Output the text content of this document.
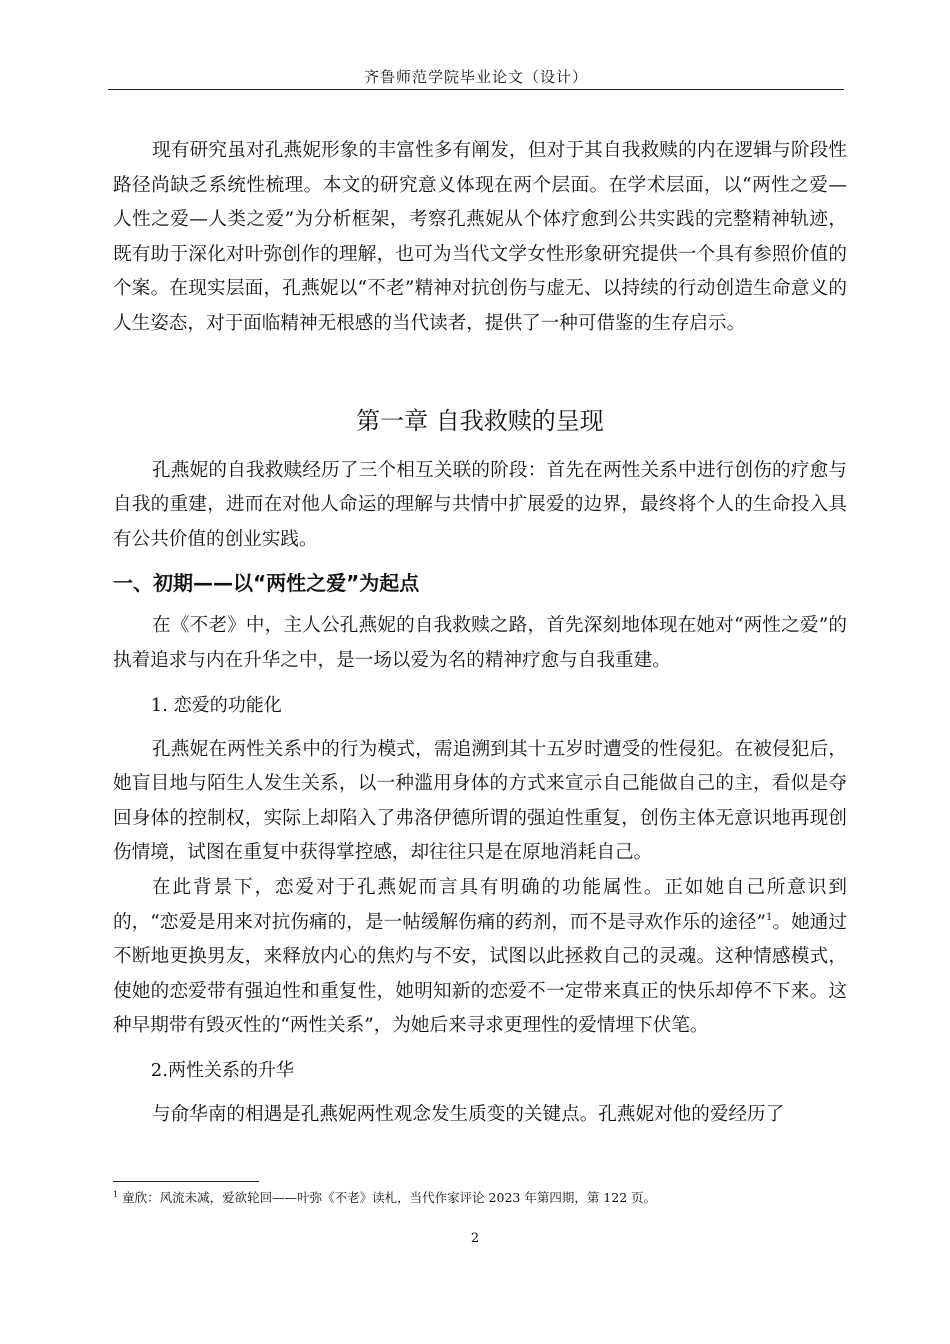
齐鲁师范学院毕业论文（设计）

现有研究虽对孔燕妮形象的丰富性多有阐发，但对于其自我救赎的内在逻辑与阶段性路径尚缺乏系统性梳理。本文的研究意义体现在两个层面。在学术层面，以“两性之爱—人性之爱—人类之爱”为分析框架，考察孔燕妮从个体疗愈到公共实践的完整精神轨迹，既有助于深化对叶弥创作的理解，也可为当代文学女性形象研究提供一个具有参照价值的个案。在现实层面，孔燕妮以“不老”精神对抗创伤与虚无、以持续的行动创造生命意义的人生姿态，对于面临精神无根感的当代读者，提供了一种可借鉴的生存启示。

第一章 自我救赎的呈现

孔燕妮的自我救赎经历了三个相互关联的阶段：首先在两性关系中进行创伤的疗愈与自我的重建，进而在对他人命运的理解与共情中扩展爱的边界，最终将个人的生命投入具有公共价值的创业实践。

一、初期——以“两性之爱”为起点

在《不老》中，主人公孔燕妮的自我救赎之路，首先深刻地体现在她对“两性之爱”的执着追求与内在升华之中，是一场以爱为名的精神疗愈与自我重建。

1. 恋爱的功能化

孔燕妮在两性关系中的行为模式，需追溯到其十五岁时遭受的性侵犯。在被侵犯后，她盲目地与陌生人发生关系，以一种滥用身体的方式来宣示自己能做自己的主，看似是夺回身体的控制权，实际上却陷入了弗洛伊德所谓的强迫性重复，创伤主体无意识地再现创伤情境，试图在重复中获得掌控感，却往往只是在原地消耗自己。

在此背景下，恋爱对于孔燕妮而言具有明确的功能属性。正如她自己所意识到的，“恋爱是用来对抗伤痛的，是一帖缓解伤痛的药剂，而不是寻欢作乐的途径”$^1$。她通过不断地更换男友，来释放内心的焦灼与不安，试图以此拯救自己的灵魂。这种情感模式，使她的恋爱带有强迫性和重复性，她明知新的恋爱不一定带来真正的快乐却停不下来。这种早期带有毁灭性的“两性关系”，为她后来寻求更理性的爱情埋下伏笔。

2.两性关系的升华

与俞华南的相遇是孔燕妮两性观念发生质变的关键点。孔燕妮对他的爱经历了

$^1$ 童欣：风流未减，爱欲轮回——叶弥《不老》读札，当代作家评论 2023 年第四期，第 122 页。
2
